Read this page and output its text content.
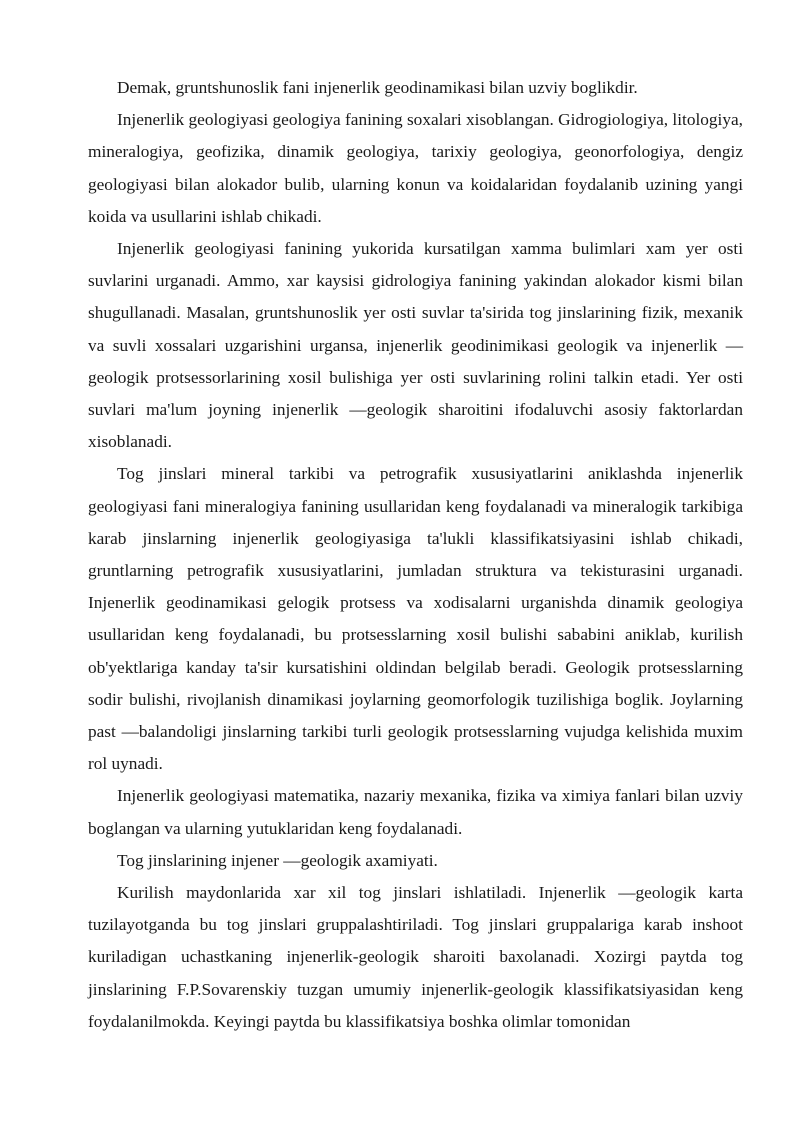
Demak, gruntshunoslik fani injenerlik geodinamikasi bilan uzviy boglikdir.

Injenerlik geologiyasi geologiya fanining soxalari xisoblangan. Gidrogiologiya, litologiya, mineralogiya, geofizika, dinamik geologiya, tarixiy geologiya, geonorfologiya, dengiz geologiyasi bilan alokador bulib, ularning konun va koidalaridan foydalanib uzining yangi koida va usullarini ishlab chikadi.

Injenerlik geologiyasi fanining yukorida kursatilgan xamma bulimlari xam yer osti suvlarini urganadi. Ammo, xar kaysisi gidrologiya fanining yakindan alokador kismi bilan shugullanadi. Masalan, gruntshunoslik yer osti suvlar ta'sirida tog jinslarining fizik, mexanik va suvli xossalari uzgarishini urgansa, injenerlik geodinimikasi geologik va injenerlik —geologik protsessorlarining xosil bulishiga yer osti suvlarining rolini talkin etadi. Yer osti suvlari ma'lum joyning injenerlik —geologik sharoitini ifodaluvchi asosiy faktorlardan xisoblanadi.

Tog jinslari mineral tarkibi va petrografik xususiyatlarini aniklashda injenerlik geologiyasi fani mineralogiya fanining usullaridan keng foydalanadi va mineralogik tarkibiga karab jinslarning injenerlik geologiyasiga ta'lukli klassifikatsiyasini ishlab chikadi, gruntlarning petrografik xususiyatlarini, jumladan struktura va tekisturasini urganadi. Injenerlik geodinamikasi gelogik protsess va xodisalarni urganishda dinamik geologiya usullaridan keng foydalanadi, bu protsesslarning xosil bulishi sababini aniklab, kurilish ob'yektlariga kanday ta'sir kursatishini oldindan belgilab beradi. Geologik protsesslarning sodir bulishi, rivojlanish dinamikasi joylarning geomorfologik tuzilishiga boglik. Joylarning past —balandoligi jinslarning tarkibi turli geologik protsesslarning vujudga kelishida muxim rol uynadi.

Injenerlik geologiyasi matematika, nazariy mexanika, fizika va ximiya fanlari bilan uzviy boglangan va ularning yutuklaridan keng foydalanadi.

Tog jinslarining injener —geologik axamiyati.

Kurilish maydonlarida xar xil tog jinslari ishlatiladi. Injenerlik —geologik karta tuzilayotganda bu tog jinslari gruppalashtiriladi. Tog jinslari gruppalariga karab inshoot kuriladigan uchastkaning injenerlik-geologik sharoiti baxolanadi. Xozirgi paytda tog jinslarining F.P.Sovarenskiy tuzgan umumiy injenerlik-geologik klassifikatsiyasidan keng foydalanilmokda. Keyingi paytda bu klassifikatsiya boshka olimlar tomonidan
